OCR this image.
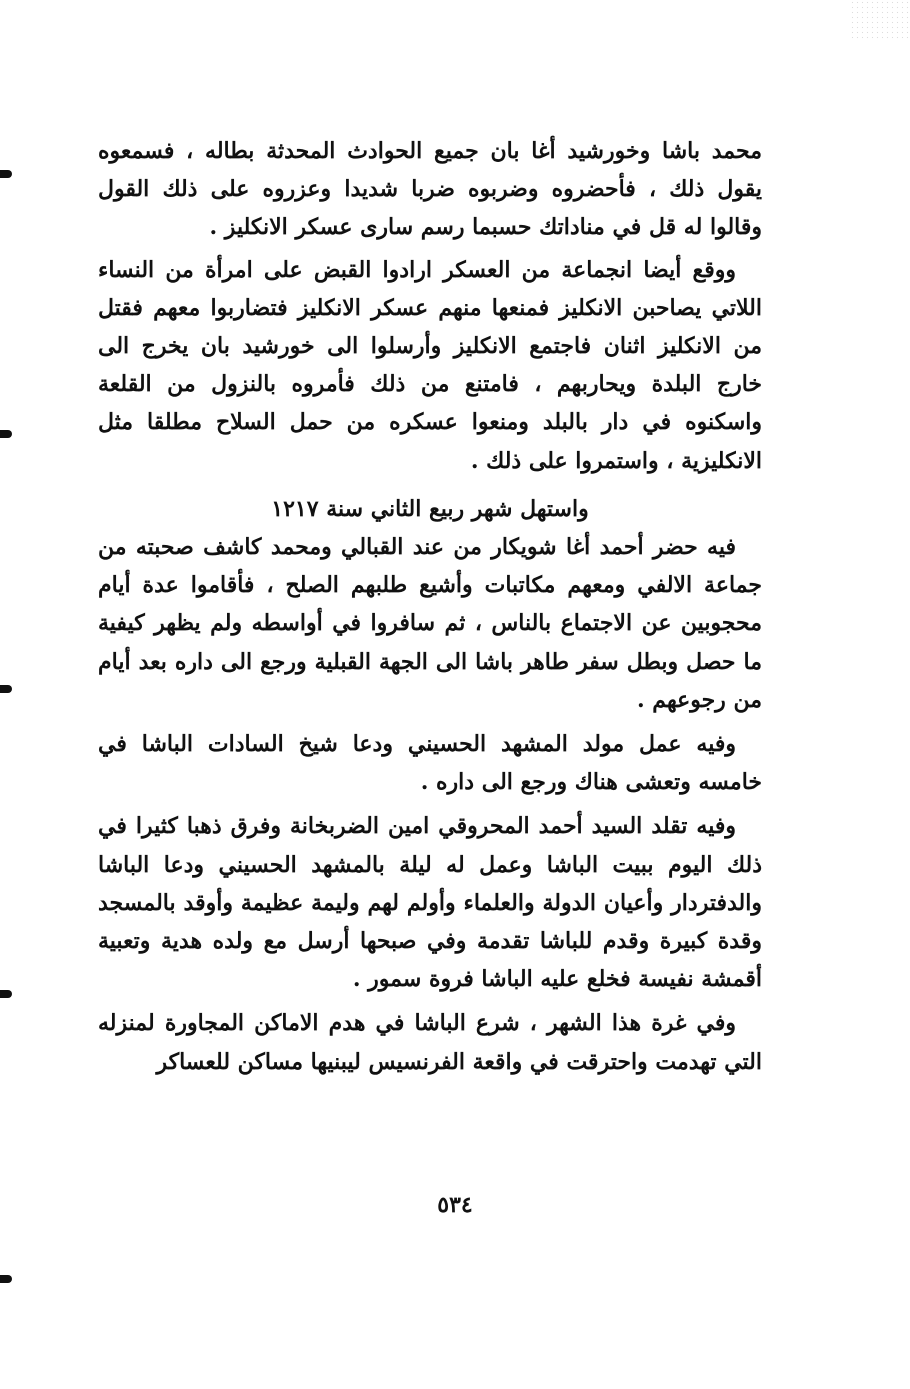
محمد باشا وخورشيد أغا بان جميع الحوادث المحدثة بطاله ، فسمعوه يقول ذلك ، فأحضروه وضربوه ضربا شديدا وعزروه على ذلك القول وقالوا له قل في مناداتك حسبما رسم سارى عسكر الانكليز .

ووقع أيضا انجماعة من العسكر ارادوا القبض على امرأة من النساء اللاتي يصاحبن الانكليز فمنعها منهم عسكر الانكليز فتضاربوا معهم فقتل من الانكليز اثنان فاجتمع الانكليز وأرسلوا الى خورشيد بان يخرج الى خارج البلدة ويحاربهم ، فامتنع من ذلك فأمروه بالنزول من القلعة واسكنوه في دار بالبلد ومنعوا عسكره من حمل السلاح مطلقا مثل الانكليزية ، واستمروا على ذلك .

واستهل شهر ربيع الثاني سنة ١٢١٧

فيه حضر أحمد أغا شويكار من عند القبالي ومحمد كاشف صحبته من جماعة الالفي ومعهم مكاتبات وأشيع طلبهم الصلح ، فأقاموا عدة أيام محجوبين عن الاجتماع بالناس ، ثم سافروا في أواسطه ولم يظهر كيفية ما حصل وبطل سفر طاهر باشا الى الجهة القبلية ورجع الى داره بعد أيام من رجوعهم .

وفيه عمل مولد المشهد الحسيني ودعا شيخ السادات الباشا في خامسه وتعشى هناك ورجع الى داره .

وفيه تقلد السيد أحمد المحروقي امين الضربخانة وفرق ذهبا كثيرا في ذلك اليوم ببيت الباشا وعمل له ليلة بالمشهد الحسيني ودعا الباشا والدفتردار وأعيان الدولة والعلماء وأولم لهم وليمة عظيمة وأوقد بالمسجد وقدة كبيرة وقدم للباشا تقدمة وفي صبحها أرسل مع ولده هدية وتعبية أقمشة نفيسة فخلع عليه الباشا فروة سمور .

وفي غرة هذا الشهر ، شرع الباشا في هدم الاماكن المجاورة لمنزله التي تهدمت واحترقت في واقعة الفرنسيس ليبنيها مساكن للعساكر

٥٣٤
